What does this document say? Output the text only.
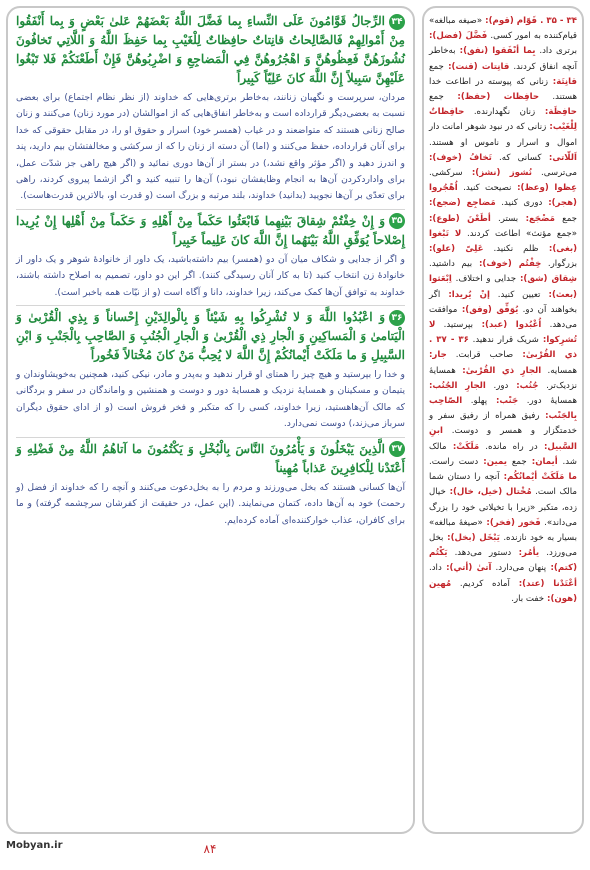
۳۴الرِّجالُ قَوَّامُونَ عَلَى النِّساءِ بِما فَضَّلَ اللَّهُ بَعْضَهُمْ عَلىٰ بَعْضٍ وَ بِما أَنْفَقُوا مِنْ أَمْوالِهِمْ فَالصَّالِحاتُ قانِتاتٌ حافِظاتٌ لِلْغَيْبِ بِما حَفِظَ اللَّهُ وَ اللَّاتِي تَخافُونَ نُشُوزَهُنَّ فَعِظُوهُنَّ وَ اهْجُرُوهُنَّ فِي الْمَضاجِعِ وَ اضْرِبُوهُنَّ فَإِنْ أَطَعْنَكُمْ فَلا تَبْغُوا عَلَيْهِنَّ سَبِيلاً إِنَّ اللَّهَ كانَ عَلِيّاً كَبِيراً
مردان، سرپرست و نگهبان زنانند، به‌خاطر برتری‌هایی که خداوند (از نظر نظام اجتماع) برای بعضی نسبت به بعضی‌دیگر قرارداده است و به‌خاطر انفاق‌هایی که از اموالشان (در مورد زنان) می‌کنند و زنان صالح زنانی هستند که متواضعند و در غیاب (همسر خود) اسرار و حقوق او را، در مقابل حقوقی که خدا برای آنان قرارداده، حفظ می‌کنند و (اما) آن دسته از زنان را که از سرکشی و مخالفتشان بیم دارید، پند و اندرز دهید و (اگر مؤثر واقع نشد،) در بستر از آن‌ها دوری نمائید و (اگر هیچ راهی جز شدّت عمل، برای واداردکردن آن‌ها به انجام وظایفشان نبود،) آن‌ها را تنبیه کنید و اگر ازشما پیروی کردند، راهی برای تعدّی بر آن‌ها نجویید (بدانید) خداوند، بلند مرتبه و بزرگ است (و قدرت او، بالاترین قدرت‌هاست).
۳۵وَ إِنْ خِفْتُمْ شِقاقَ بَيْنِهِما فَابْعَثُوا حَكَماً مِنْ أَهْلِهِ وَ حَكَماً مِنْ أَهْلِها إِنْ يُرِيدا إِصْلاحاً يُوَفِّقِ اللَّهُ بَيْنَهُما إِنَّ اللَّهَ كانَ عَلِيماً خَبِيراً
و اگر از جدایی و شکاف میان آن دو (همسر) بیم داشته‌باشید، یک داور از خانوادهٔ شوهر و یک داور از خانوادهٔ زن انتخاب کنید (تا به کار آنان رسیدگی کنند). اگر این دو داور، تصمیم به اصلاح داشته باشند، خداوند به توافق آن‌ها کمک می‌کند، زیرا خداوند، دانا و آگاه است (و از نیّات همه باخبر است).
۳۶وَ اعْبُدُوا اللَّهَ وَ لا تُشْرِكُوا بِهِ شَيْئاً وَ بِالْوالِدَيْنِ إِحْساناً وَ بِذِي الْقُرْبىٰ وَ الْيَتامىٰ وَ الْمَساكِينِ وَ الْجارِ ذِي الْقُرْبىٰ وَ الْجارِ الْجُنُبِ وَ الصَّاحِبِ بِالْجَنْبِ وَ ابْنِ السَّبِيلِ وَ ما مَلَكَتْ أَيْمانُكُمْ إِنَّ اللَّهَ لا يُحِبُّ مَنْ كانَ مُخْتالاً فَخُوراً
و خدا را بپرستید و هیچ چیز را همتای او قرار ندهید و به‌پدر و مادر، نیکی کنید، همچنین به‌خویشاوندان و یتیمان و مسکینان و همسایهٔ نزدیک و همسایهٔ دور و دوست و همنشین و واماندگان در سفر و بردگانی که مالک آن‌هاهستید، زیرا خداوند، کسی را که متکبر و فخر فروش است (و از ادای حقوق دیگران سرباز می‌زند،) دوست نمی‌دارد.
۳۷الَّذِينَ يَبْخَلُونَ وَ يَأْمُرُونَ النَّاسَ بِالْبُخْلِ وَ يَكْتُمُونَ ما آتاهُمُ اللَّهُ مِنْ فَضْلِهِ وَ أَعْتَدْنا لِلْكافِرِينَ عَذاباً مُهِيناً
آن‌ها کسانی هستند که بخل می‌ورزند و مردم را به بخل‌دعوت می‌کنند و آنچه را که خداوند از فضل (و رحمت) خود به آن‌ها داده، کتمان می‌نمایند. (این عمل، در حقیقت از کفرشان سرچشمه گرفته) و ما برای کافران، عذاب خوارکننده‌ای آماده کرده‌ایم.
۳۴ - ۳۵ . قَوّام (قوم): «صیغه مبالغه» قیام‌کننده به امور کسی. فَضَّلَ (فضل): برتری داد. بِما أنْفَقوا (نفق): به‌خاطر آنچه انفاق کردند. قانِتات (قنت): جمع قانِتَة: زنانی که پیوسته در اطاعت خدا هستند. حافِظات (حفظ): جمع حافِظَة: زنان نگهدارنده. حافِظاتٌ لِلْغَيْب: زنانی که در نبود شوهر امانت دار اموال و اسرار و ناموس او هستند. اَللّاتی: کسانی که. تَخافُ (خوف): می‌ترسی. نُشوز (نشز): سرکشی. عِظوا (وعظ): نصیحت کنید. اُهْجُروا (هجر): دوری کنید. مَضاجِع (ضجع): جمع مَضْجَع: بستر. أطَعْنَ (طوع): «جمع مؤنث» اطاعت کردند. لا تَبْغوا (بغی): ظلم نکنید. عَلِیّ (علو): بزرگوار. خِفْتُم (خوف): بیم داشتید. شِقاق (شق): جدایی و اختلاف. اِبْعَثوا (بعث): تعیین کنید. إنْ يُريدا: اگر بخواهند آن دو. يُوَفِّق (وفق): موافقت می‌دهد. اُعْبُدوا (عبد): بپرستید. لا تُشرِكوا: شریک قرار ندهید. ۳۶ - ۳۷ . ذي القُرْبىٰ: صاحب قرابت. جار: همسایه. الجارِ ذي القُرْبىٰ: همسایهٔ نزدیک‌تر. جُنُب: دور. الجارِ الجُنُب: همسایهٔ دور. جَنْب: پهلو. الصّاحِب بِالجَنْب: رفیق همراه از رفیق سفر و خدمتگزار و همسر و دوست. ابنِ السَّبيل: در راه مانده. مَلَكَتْ: مالک شد. أيمان: جمع يمين: دست راست. ما مَلَكَتْ أيْمانُكُم: آنچه را دستان شما مالک است. مُخْتال (خيل، خال): خیال زده، متکبر «زیرا با تخیلاتی خود را بزرگ می‌داند». فَخور (فخر): «صیغهٔ مبالغه» بسیار به خود نازنده. يَبْخَل (بخل): بخل می‌ورزد. يأمُر: دستور می‌دهد. يَكْتُم (كتم): پنهان می‌دارد. آتىٰ (أتي): داد. أعْتَدْنا (عتد): آماده کردیم. مُهين (هون): خفت بار.
Mobyan.ir	۸۴
